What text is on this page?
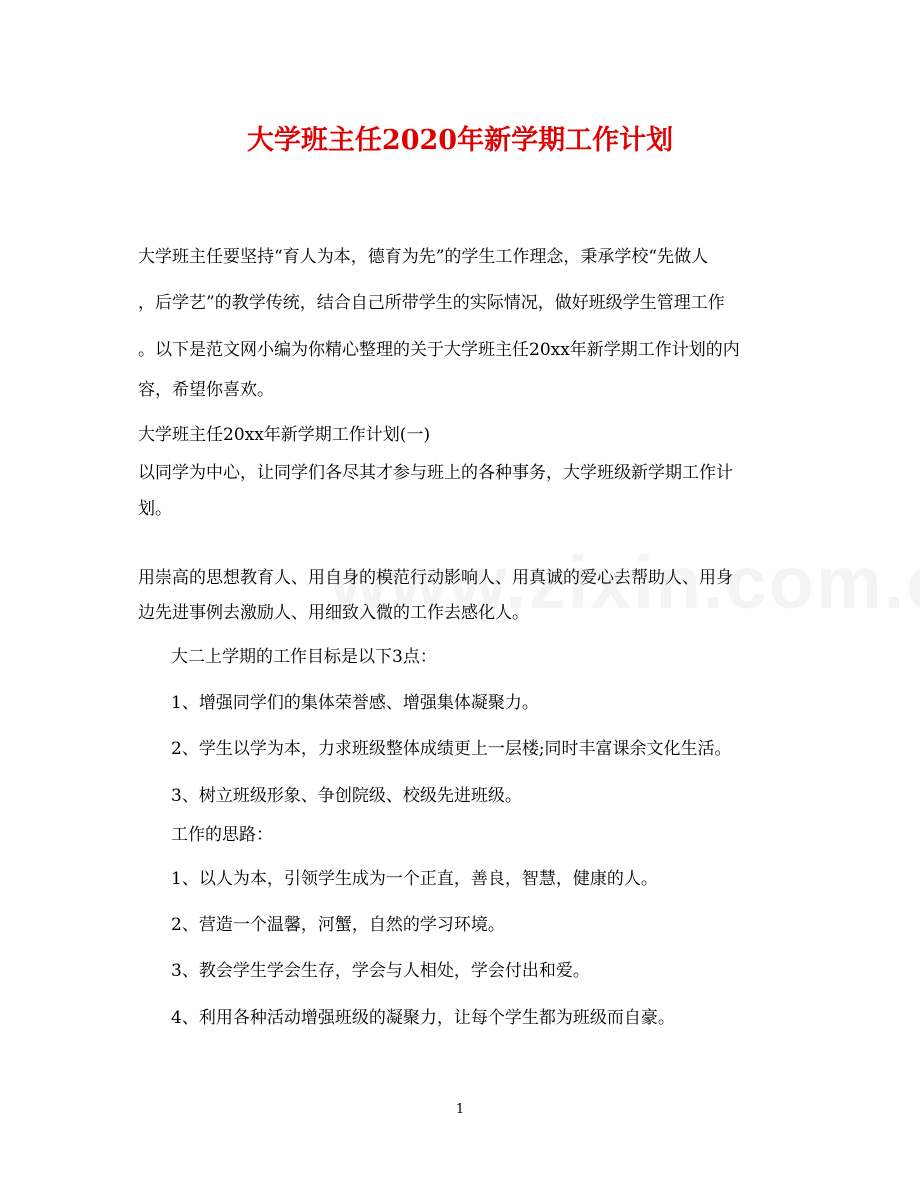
大学班主任2020年新学期工作计划
大学班主任要坚持“育人为本，德育为先”的学生工作理念，秉承学校“先做人
，后学艺”的教学传统，结合自己所带学生的实际情况，做好班级学生管理工作
。以下是范文网小编为你精心整理的关于大学班主任20xx年新学期工作计划的内
容，希望你喜欢。
大学班主任20xx年新学期工作计划(一)
以同学为中心，让同学们各尽其才参与班上的各种事务，大学班级新学期工作计
划。
用崇高的思想教育人、用自身的模范行动影响人、用真诚的爱心去帮助人、用身
边先进事例去激励人、用细致入微的工作去感化人。
大二上学期的工作目标是以下3点：
1、增强同学们的集体荣誉感、增强集体凝聚力。
2、学生以学为本，力求班级整体成绩更上一层楼;同时丰富课余文化生活。
3、树立班级形象、争创院级、校级先进班级。
工作的思路：
1、以人为本，引领学生成为一个正直，善良，智慧，健康的人。
2、营造一个温馨，河蟹，自然的学习环境。
3、教会学生学会生存，学会与人相处，学会付出和爱。
4、利用各种活动增强班级的凝聚力，让每个学生都为班级而自豪。
1
